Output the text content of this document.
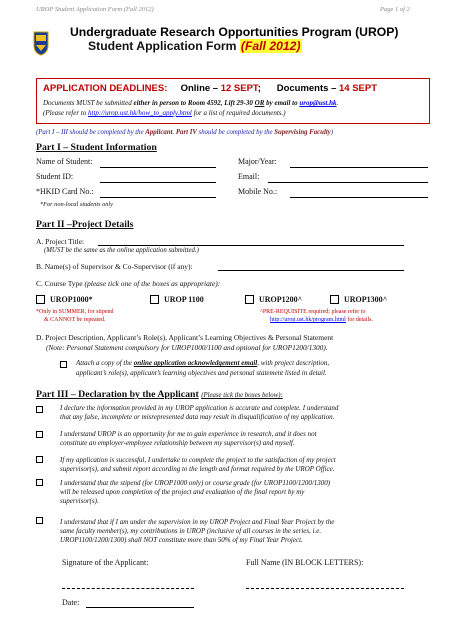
UROP Student Application Form (Fall 2012)	Page 1 of 2
Undergraduate Research Opportunities Program (UROP)
Student Application Form (Fall 2012)
APPLICATION DEADLINES: Online – 12 SEPT; Documents – 14 SEPT
Documents MUST be submitted either in person to Room 4592, Lift 29-30 OR by email to urop@ust.hk.
(Please refer to http://urop.ust.hk/how_to_apply.html for a list of required documents.)
(Part I – III should be completed by the Applicant. Part IV should be completed by the Supervising Faculty)
Part I – Student Information
Name of Student:	Major/Year:
Student ID:	Email:
*HKID Card No.:	Mobile No.:
*For non-local students only
Part II –Project Details
A. Project Title:
(MUST be the same as the online application submitted.)
B. Name(s) of Supervisor & Co-Supervisor (if any):
C. Course Type (please tick one of the boxes as appropriate):
UROP1000*	UROP 1100	UROP1200^	UROP1300^
*Only in SUMMER, for stipend
& CANNOT be repeated.
^PRE-REQUISITE required; please refer to
http://urop.ust.hk/program.html for details.
D. Project Description, Applicant’s Role(s), Applicant’s Learning Objectives & Personal Statement
(Note: Personal Statement compulsory for UROP1000/1100 and optional for UROP1200/1300).
Attach a copy of the online application acknowledgement email, with project description,
applicant’s role(s), applicant’s learning objectives and personal statement listed in detail.
Part III – Declaration by the Applicant (Please tick the boxes below):
I declare the information provided in my UROP application is accurate and complete. I understand
that any false, incomplete or misrepresented data may result in disqualification of my application.
I understand UROP is an opportunity for me to gain experience in research, and it does not
constitute an employer-employee relationship between my supervisor(s) and myself.
If my application is successful, I undertake to complete the project to the satisfaction of my project
supervisor(s), and submit report according to the length and format required by the UROP Office.
I understand that the stipend (for UROP1000 only) or course grade (for UROP1100/1200/1300)
will be released upon completion of the project and evaluation of the final report by my
supervisor(s).
I understand that if I am under the supervision in my UROP Project and Final Year Project by the
same faculty member(s), my contributions in UROP (inclusive of all courses in the series, i.e.
UROP1100/1200/1300) shall NOT constitute more than 50% of my Final Year Project.
Signature of the Applicant:	Full Name (IN BLOCK LETTERS):
Date:
